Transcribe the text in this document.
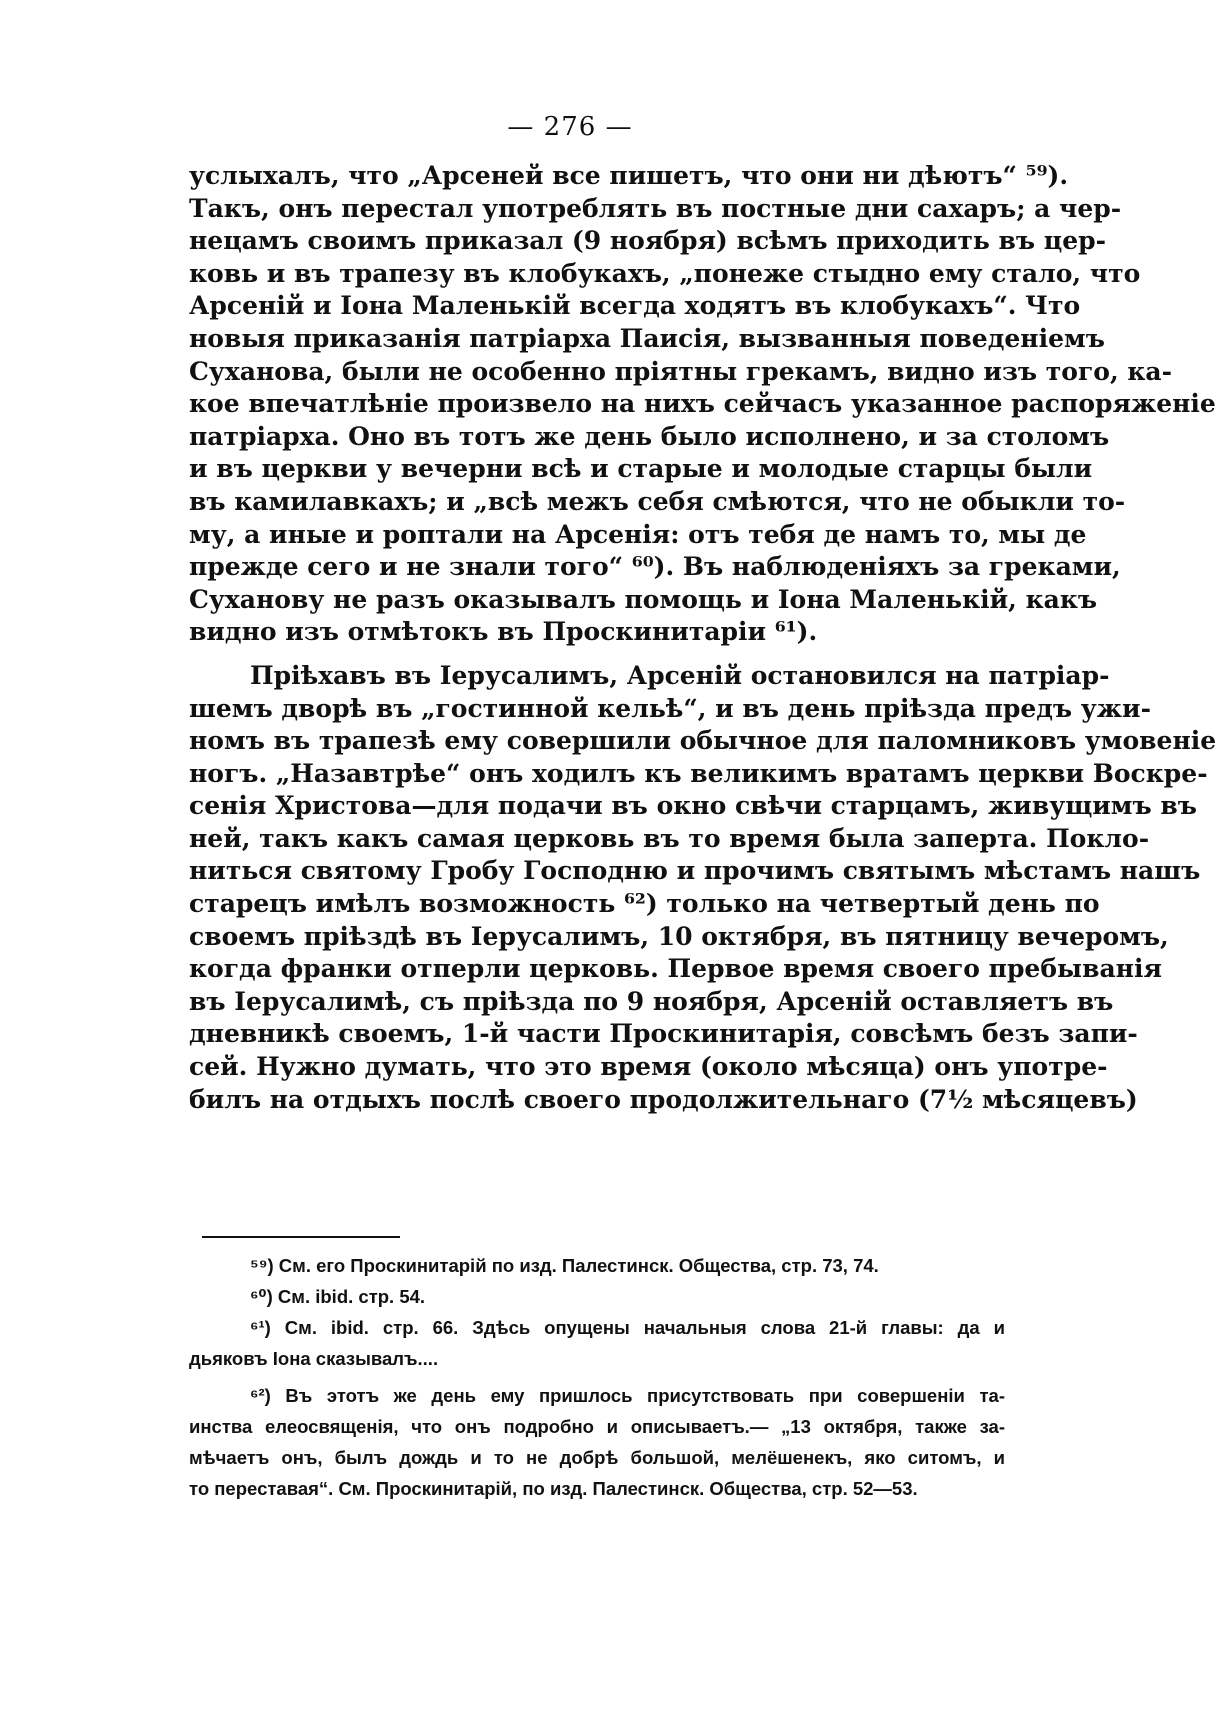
— 276 —
услыхалъ, что „Арсеней все пишетъ, что они ни дѣютъ“ ⁵⁹).
Такъ, онъ перестал употреблять въ постные дни сахаръ; а чер-
нецамъ своимъ приказал (9 ноября) всѣмъ приходить въ цер-
ковь и въ трапезу въ клобукахъ, „понеже стыдно ему стало, что
Арсеній и Іона Маленькій всегда ходятъ въ клобукахъ“. Что
новыя приказанія патріарха Паисія, вызванныя поведеніемъ
Суханова, были не особенно пріятны грекамъ, видно изъ того, ка-
кое впечатлѣніе произвело на нихъ сейчасъ указанное распоряженіе
патріарха. Оно въ тотъ же день было исполнено, и за столомъ
и въ церкви у вечерни всѣ и старые и молодые старцы были
въ камилавкахъ; и „всѣ межъ себя смѣются, что не обыкли то-
му, а иные и роптали на Арсенія: отъ тебя де намъ то, мы де
прежде сего и не знали того“ ⁶⁰). Въ наблюденіяхъ за греками,
Суханову не разъ оказывалъ помощь и Іона Маленькій, какъ
видно изъ отмѣтокъ въ Проскинитаріи ⁶¹).
Пріѣхавъ въ Іерусалимъ, Арсеній остановился на патріар-
шемъ дворѣ въ „гостинной кельѣ“, и въ день пріѣзда предъ ужи-
номъ въ трапезѣ ему совершили обычное для паломниковъ умовеніе
ногъ. „Назавтрѣе“ онъ ходилъ къ великимъ вратамъ церкви Воскре-
сенія Христова—для подачи въ окно свѣчи старцамъ, живущимъ въ
ней, такъ какъ самая церковь въ то время была заперта. Покло-
ниться святому Гробу Господню и прочимъ святымъ мѣстамъ нашъ
старецъ имѣлъ возможность ⁶²) только на четвертый день по
своемъ пріѣздѣ въ Іерусалимъ, 10 октября, въ пятницу вечеромъ,
когда франки отперли церковь. Первое время своего пребыванія
въ Іерусалимѣ, съ пріѣзда по 9 ноября, Арсеній оставляетъ въ
дневникѣ своемъ, 1-й части Проскинитарія, совсѣмъ безъ запи-
сей. Нужно думать, что это время (около мѣсяца) онъ употре-
билъ на отдыхъ послѣ своего продолжительнаго (7½ мѣсяцевъ)
⁵⁹) См. его Проскинитарій по изд. Палестинск. Общества, стр. 73, 74.
⁶⁰) См. ibid. стр. 54.
⁶¹) См. ibid. стр. 66. Здѣсь опущены начальныя слова 21-й главы: да и
дьяковъ Іона сказывалъ....
⁶²) Въ этотъ же день ему пришлось присутствовать при совершеніи та-
инства елеосвященія, что онъ подробно и описываетъ.— „13 октября, также за-
мѣчаетъ онъ, былъ дождь и то не добрѣ большой, мелёшенекъ, яко ситомъ, и
то переставая“. См. Проскинитарій, по изд. Палестинск. Общества, стр. 52—53.
